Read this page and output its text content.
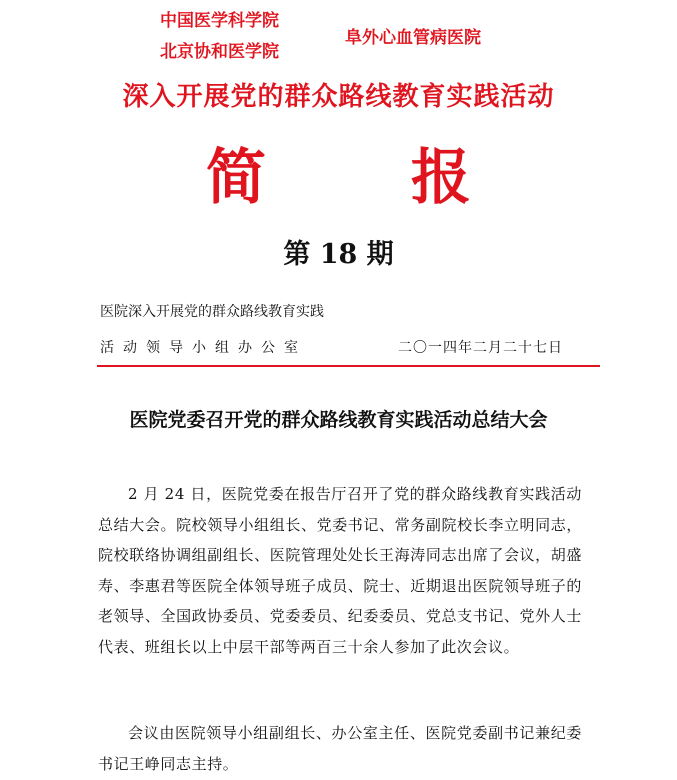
中国医学科学院
北京协和医学院
阜外心血管病医院
深入开展党的群众路线教育实践活动
简 报
第 18 期
医院深入开展党的群众路线教育实践
活动领导小组办公室	二〇一四年二月二十七日
医院党委召开党的群众路线教育实践活动总结大会
2 月 24 日，医院党委在报告厅召开了党的群众路线教育实践活动总结大会。院校领导小组组长、党委书记、常务副院校长李立明同志，院校联络协调组副组长、医院管理处处长王海涛同志出席了会议，胡盛寿、李惠君等医院全体领导班子成员、院士、近期退出医院领导班子的老领导、全国政协委员、党委委员、纪委委员、党总支书记、党外人士代表、班组长以上中层干部等两百三十余人参加了此次会议。
会议由医院领导小组副组长、办公室主任、医院党委副书记兼纪委书记王峥同志主持。
